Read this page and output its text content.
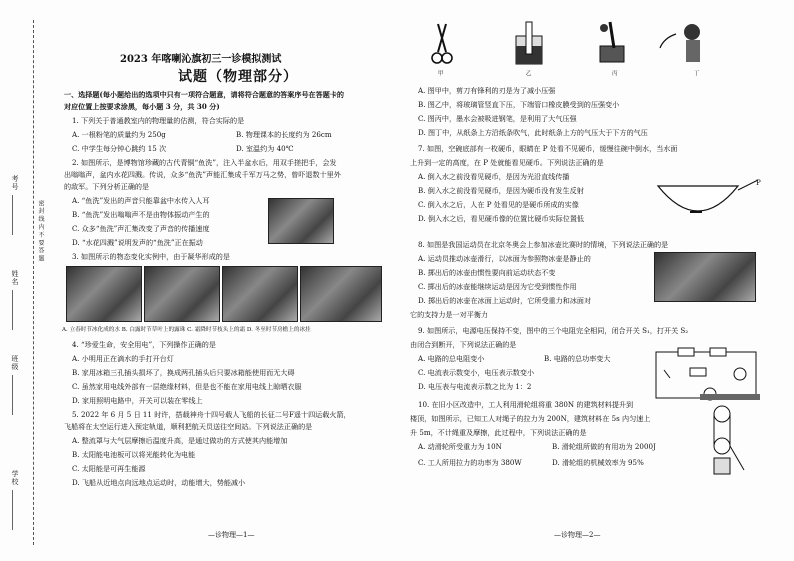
考号
姓名
班级
学校
密 封 线 内 不 要 答 题
2023 年喀喇沁旗初三一诊模拟测试
试题（物理部分）
一、选择题(每小题给出的选项中只有一项符合题意，请将符合题意的答案序号在答题卡的
对应位置上按要求涂黑，每小题 3 分，共 30 分)
1. 下列关于普通教室内的物理量的估测，符合实际的是
A. 一根粉笔的质量约为 250g	B. 物理课本的长度约为 26cm
C. 中学生每分钟心跳约 15 次	D. 室温约为 40℃
2. 如图所示，是博物馆珍藏的古代青铜“鱼洗”，注入半盆水后，用双手搓把手，会发
出嗡嗡声，盆内水花四溅。传说，众多“鱼洗”声能汇集成千军万马之势，曾吓退数十里外
的敌军。下列分析正确的是
A. “鱼洗”发出的声音只能靠盆中水传入人耳
B. “鱼洗”发出嗡嗡声不是由物体振动产生的
C. 众多“鱼洗”声汇集改变了声音的传播速度
D. “水花四溅”说明发声的“鱼洗”正在振动
3. 如图所示的物态变化实例中，由于凝华形成的是
A. 立春时节冰化成的水 B. 白露时节草叶上的露珠 C. 霜降时节枝头上的霜 D. 冬至时节房檐上的冰挂
4. “珍爱生命，安全用电”，下列操作正确的是
A. 小明用正在滴水的手打开台灯
B. 家用冰箱三孔插头损坏了，换成两孔插头后只要冰箱能使用而无大碍
C. 虽然家用电线外部有一层绝缘材料，但是也不能在家用电线上晾晒衣服
D. 家用照明电路中，开关可以装在零线上
5. 2022 年 6 月 5 日 11 时许，搭载神舟十四号载人飞船的长征二号F遥十四运载火箭，
飞船将在太空运行进入预定轨道，顺利把航天员送往空间站。下列说法正确的是
A. 整流罩与大气层摩擦后温度升高，是通过做功的方式使其内能增加
B. 太阳能电池板可以将光能转化为电能
C. 太阳能是可再生能源
D. 飞船从近地点向远地点运动时，动能增大，势能减小
—诊物理—1—
甲	乙	丙	丁
A. 图甲中，剪刀有锋利的刃是为了减小压强
B. 图乙中，将玻璃管竖直下压，下端管口橡皮膜受到的压强变小
C. 图丙中，墨水会被吸进钢笔，是利用了大气压强
D. 图丁中，从纸条上方沿纸条吹气，此时纸条上方的气压大于下方的气压
7. 如图，空碗底部有一枚硬币，眼睛在 P 处看不见硬币，缓慢往碗中倒水，当水面
上升到一定的高度，在 P 处就能看见硬币。下列说法正确的是
A. 倒入水之前没看见硬币，是因为光沿直线传播
B. 倒入水之前没看见硬币，是因为硬币没有发生反射
C. 倒入水之后，人在 P 处看见的是硬币所成的实像
D. 倒入水之后，看见硬币像的位置比硬币实际位置低
P
8. 如图是我国运动员在北京冬奥会上参加冰壶比赛时的情境，下列说法正确的是
A. 运动员推动冰壶滑行，以冰面为参照物冰壶是静止的
B. 掷出后的冰壶由惯性要向前运动状态不变
C. 掷出后的冰壶能继续运动是因为它受到惯性作用
D. 掷出后的冰壶在冰面上运动时，它所受重力和冰面对
它的支持力是一对平衡力
9. 如图所示，电源电压保持不变，图中的三个电阻完全相同，闭合开关 S₁，打开关 S₂
由闭合到断开，下列说法正确的是
A. 电路的总电阻变小	B. 电路的总功率变大
C. 电流表示数变小，电压表示数变小
D. 电压表与电流表示数之比为 1：2
10. 在旧小区改造中，工人利用滑轮组将重 380N 的建筑材料提升到
楼顶，如图所示，已知工人对绳子的拉力为 200N，建筑材料在 5s 内匀速上
升 5m，不计绳重及摩擦，此过程中，下列说法正确的是
A. 动滑轮所受重力为 10N	B. 滑轮组所做的有用功为 2000J
C. 工人所用拉力的功率为 380W	D. 滑轮组的机械效率为 95%
—诊物理—2—
